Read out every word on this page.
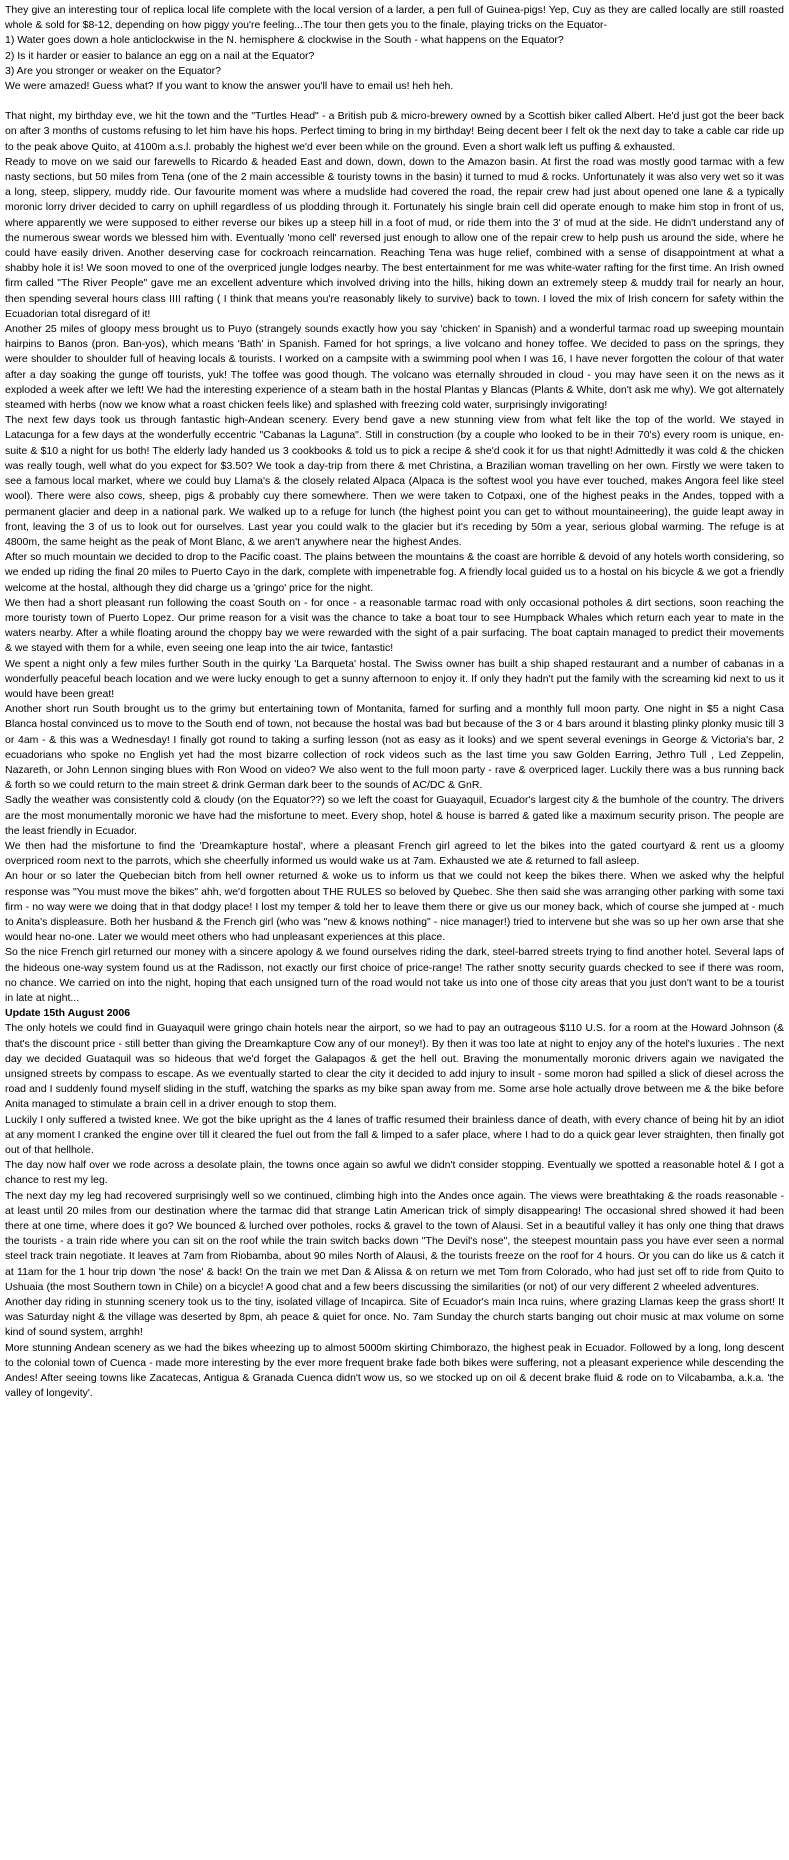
They give an interesting tour of replica local life complete with the local version of a larder, a pen full of Guinea-pigs! Yep, Cuy as they are called locally are still roasted whole & sold for $8-12, depending on how piggy you're feeling...The tour then gets you to the finale, playing tricks on the Equator-

1) Water goes down a hole anticlockwise in the N. hemisphere & clockwise in the South - what happens on the Equator?

2) Is it harder or easier to balance an egg on a nail at the Equator?

3) Are you stronger or weaker on the Equator?

We were amazed! Guess what? If you want to know the answer you'll have to email us! heh heh.

That night, my birthday eve, we hit the town and the "Turtles Head" - a British pub & micro-brewery owned by a Scottish biker called Albert. He'd just got the beer back on after 3 months of customs refusing to let him have his hops. Perfect timing to bring in my birthday! Being decent beer I felt ok the next day to take a cable car ride up to the peak above Quito, at 4100m a.s.l. probably the highest we'd ever been while on the ground. Even a short walk left us puffing & exhausted.

Ready to move on we said our farewells to Ricardo & headed East and down, down, down to the Amazon basin. At first the road was mostly good tarmac with a few nasty sections, but 50 miles from Tena (one of the 2 main accessible & touristy towns in the basin) it turned to mud & rocks. Unfortunately it was also very wet so it was a long, steep, slippery, muddy ride. Our favourite moment was where a mudslide had covered the road, the repair crew had just about opened one lane & a typically moronic lorry driver decided to carry on uphill regardless of us plodding through it. Fortunately his single brain cell did operate enough to make him stop in front of us, where apparently we were supposed to either reverse our bikes up a steep hill in a foot of mud, or ride them into the 3' of mud at the side. He didn't understand any of the numerous swear words we blessed him with. Eventually 'mono cell' reversed just enough to allow one of the repair crew to help push us around the side, where he could have easily driven. Another deserving case for cockroach reincarnation. Reaching Tena was huge relief, combined with a sense of disappointment at what a shabby hole it is! We soon moved to one of the overpriced jungle lodges nearby. The best entertainment for me was white-water rafting for the first time. An Irish owned firm called "The River People" gave me an excellent adventure which involved driving into the hills, hiking down an extremely steep & muddy trail for nearly an hour, then spending several hours class IIII rafting ( I think that means you're reasonably likely to survive) back to town. I loved the mix of Irish concern for safety within the Ecuadorian total disregard of it!

Another 25 miles of gloopy mess brought us to Puyo (strangely sounds exactly how you say 'chicken' in Spanish) and a wonderful tarmac road up sweeping mountain hairpins to Banos (pron. Ban-yos), which means 'Bath' in Spanish. Famed for hot springs, a live volcano and honey toffee. We decided to pass on the springs, they were shoulder to shoulder full of heaving locals & tourists. I worked on a campsite with a swimming pool when I was 16, I have never forgotten the colour of that water after a day soaking the gunge off tourists, yuk! The toffee was good though. The volcano was eternally shrouded in cloud - you may have seen it on the news as it exploded a week after we left! We had the interesting experience of a steam bath in the hostal Plantas y Blancas (Plants & White, don't ask me why). We got alternately steamed with herbs (now we know what a roast chicken feels like) and splashed with freezing cold water, surprisingly invigorating!

The next few days took us through fantastic high-Andean scenery. Every bend gave a new stunning view from what felt like the top of the world. We stayed in Latacunga for a few days at the wonderfully eccentric "Cabanas la Laguna". Still in construction (by a couple who looked to be in their 70's) every room is unique, en-suite & $10 a night for us both! The elderly lady handed us 3 cookbooks & told us to pick a recipe & she'd cook it for us that night! Admittedly it was cold & the chicken was really tough, well what do you expect for $3.50? We took a day-trip from there & met Christina, a Brazilian woman travelling on her own. Firstly we were taken to see a famous local market, where we could buy Llama's & the closely related Alpaca (Alpaca is the softest wool you have ever touched, makes Angora feel like steel wool). There were also cows, sheep, pigs & probably cuy there somewhere. Then we were taken to Cotpaxi, one of the highest peaks in the Andes, topped with a permanent glacier and deep in a national park. We walked up to a refuge for lunch (the highest point you can get to without mountaineering), the guide leapt away in front, leaving the 3 of us to look out for ourselves. Last year you could walk to the glacier but it's receding by 50m a year, serious global warming. The refuge is at 4800m, the same height as the peak of Mont Blanc, & we aren't anywhere near the highest Andes.

After so much mountain we decided to drop to the Pacific coast. The plains between the mountains & the coast are horrible & devoid of any hotels worth considering, so we ended up riding the final 20 miles to Puerto Cayo in the dark, complete with impenetrable fog. A friendly local guided us to a hostal on his bicycle & we got a friendly welcome at the hostal, although they did charge us a 'gringo' price for the night.

We then had a short pleasant run following the coast South on - for once - a reasonable tarmac road with only occasional potholes & dirt sections, soon reaching the more touristy town of Puerto Lopez. Our prime reason for a visit was the chance to take a boat tour to see Humpback Whales which return each year to mate in the waters nearby. After a while floating around the choppy bay we were rewarded with the sight of a pair surfacing. The boat captain managed to predict their movements & we stayed with them for a while, even seeing one leap into the air twice, fantastic!

We spent a night only a few miles further South in the quirky 'La Barqueta' hostal. The Swiss owner has built a ship shaped restaurant and a number of cabanas in a wonderfully peaceful beach location and we were lucky enough to get a sunny afternoon to enjoy it. If only they hadn't put the family with the screaming kid next to us it would have been great!

Another short run South brought us to the grimy but entertaining town of Montanita, famed for surfing and a monthly full moon party. One night in $5 a night Casa Blanca hostal convinced us to move to the South end of town, not because the hostal was bad but because of the 3 or 4 bars around it blasting plinky plonky music till 3 or 4am - & this was a Wednesday! I finally got round to taking a surfing lesson (not as easy as it looks) and we spent several evenings in George & Victoria's bar, 2 ecuadorians who spoke no English yet had the most bizarre collection of rock videos such as the last time you saw Golden Earring, Jethro Tull , Led Zeppelin, Nazareth, or John Lennon singing blues with Ron Wood on video? We also went to the full moon party - rave & overpriced lager. Luckily there was a bus running back & forth so we could return to the main street & drink German dark beer to the sounds of AC/DC & GnR.

Sadly the weather was consistently cold & cloudy (on the Equator??) so we left the coast for Guayaquil, Ecuador's largest city & the bumhole of the country. The drivers are the most monumentally moronic we have had the misfortune to meet. Every shop, hotel & house is barred & gated like a maximum security prison. The people are the least friendly in Ecuador.

We then had the misfortune to find the 'Dreamkapture hostal', where a pleasant French girl agreed to let the bikes into the gated courtyard & rent us a gloomy overpriced room next to the parrots, which she cheerfully informed us would wake us at 7am. Exhausted we ate & returned to fall asleep.

An hour or so later the Quebecian bitch from hell owner returned & woke us to inform us that we could not keep the bikes there. When we asked why the helpful response was "You must move the bikes" ahh, we'd forgotten about THE RULES so beloved by Quebec. She then said she was arranging other parking with some taxi firm - no way were we doing that in that dodgy place! I lost my temper & told her to leave them there or give us our money back, which of course she jumped at - much to Anita's displeasure. Both her husband & the French girl (who was "new & knows nothing" - nice manager!) tried to intervene but she was so up her own arse that she would hear no-one. Later we would meet others who had unpleasant experiences at this place.

So the nice French girl returned our money with a sincere apology & we found ourselves riding the dark, steel-barred streets trying to find another hotel. Several laps of the hideous one-way system found us at the Radisson, not exactly our first choice of price-range! The rather snotty security guards checked to see if there was room, no chance. We carried on into the night, hoping that each unsigned turn of the road would not take us into one of those city areas that you just don't want to be a tourist in late at night...

Update 15th August 2006

The only hotels we could find in Guayaquil were gringo chain hotels near the airport, so we had to pay an outrageous $110 U.S. for a room at the Howard Johnson (& that's the discount price - still better than giving the Dreamkapture Cow any of our money!). By then it was too late at night to enjoy any of the hotel's luxuries . The next day we decided Guataquil was so hideous that we'd forget the Galapagos & get the hell out. Braving the monumentally moronic drivers again we navigated the unsigned streets by compass to escape. As we eventually started to clear the city it decided to add injury to insult - some moron had spilled a slick of diesel across the road and I suddenly found myself sliding in the stuff, watching the sparks as my bike span away from me. Some arse hole actually drove between me & the bike before Anita managed to stimulate a brain cell in a driver enough to stop them.

Luckily I only suffered a twisted knee. We got the bike upright as the 4 lanes of traffic resumed their brainless dance of death, with every chance of being hit by an idiot at any moment I cranked the engine over till it cleared the fuel out from the fall & limped to a safer place, where I had to do a quick gear lever straighten, then finally got out of that hellhole.

The day now half over we rode across a desolate plain, the towns once again so awful we didn't consider stopping. Eventually we spotted a reasonable hotel & I got a chance to rest my leg.

The next day my leg had recovered surprisingly well so we continued, climbing high into the Andes once again. The views were breathtaking & the roads reasonable - at least until 20 miles from our destination where the tarmac did that strange Latin American trick of simply disappearing! The occasional shred showed it had been there at one time, where does it go? We bounced & lurched over potholes, rocks & gravel to the town of Alausi. Set in a beautiful valley it has only one thing that draws the tourists - a train ride where you can sit on the roof while the train switch backs down "The Devil's nose", the steepest mountain pass you have ever seen a normal steel track train negotiate. It leaves at 7am from Riobamba, about 90 miles North of Alausi, & the tourists freeze on the roof for 4 hours. Or you can do like us & catch it at 11am for the 1 hour trip down 'the nose' & back! On the train we met Dan & Alissa & on return we met Tom from Colorado, who had just set off to ride from Quito to Ushuaia (the most Southern town in Chile) on a bicycle! A good chat and a few beers discussing the similarities (or not) of our very different 2 wheeled adventures.

Another day riding in stunning scenery took us to the tiny, isolated village of Incapirca. Site of Ecuador's main Inca ruins, where grazing Llamas keep the grass short! It was Saturday night & the village was deserted by 8pm, ah peace & quiet for once. No. 7am Sunday the church starts banging out choir music at max volume on some kind of sound system, arrghh!

More stunning Andean scenery as we had the bikes wheezing up to almost 5000m skirting Chimborazo, the highest peak in Ecuador. Followed by a long, long descent to the colonial town of Cuenca - made more interesting by the ever more frequent brake fade both bikes were suffering, not a pleasant experience while descending the Andes! After seeing towns like Zacatecas, Antigua & Granada Cuenca didn't wow us, so we stocked up on oil & decent brake fluid & rode on to Vilcabamba, a.k.a. 'the valley of longevity'.
